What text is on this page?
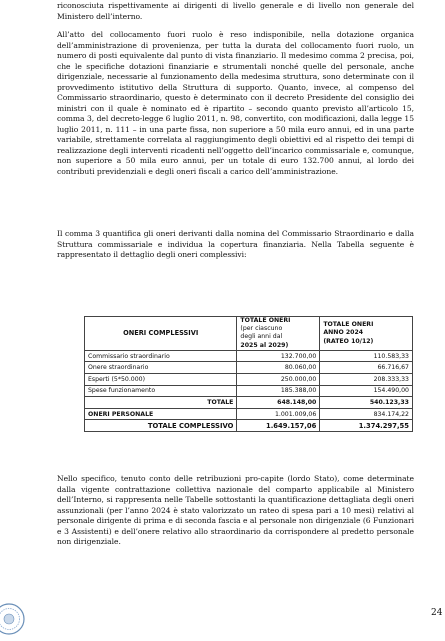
riconosciuta rispettivamente ai dirigenti di livello generale e di livello non generale del Ministero dell’interno.

All’atto del collocamento fuori ruolo è reso indisponibile, nella dotazione organica dell’amministrazione di provenienza, per tutta la durata del collocamento fuori ruolo, un numero di posti equivalente dal punto di vista finanziario. Il medesimo comma 2 precisa, poi, che le specifiche dotazioni finanziarie e strumentali nonché quelle del personale, anche dirigenziale, necessarie al funzionamento della medesima struttura, sono determinate con il provvedimento istitutivo della Struttura di supporto. Quanto, invece, al compenso del Commissario straordinario, questo è determinato con il decreto Presidente del consiglio dei ministri con il quale è nominato ed è ripartito – secondo quanto previsto all’articolo 15, comma 3, del decreto-legge 6 luglio 2011, n. 98, convertito, con modificazioni, dalla legge 15 luglio 2011, n. 111 – in una parte fissa, non superiore a 50 mila euro annui, ed in una parte variabile, strettamente correlata al raggiungimento degli obiettivi ed al rispetto dei tempi di realizzazione degli interventi ricadenti nell’oggetto dell’incarico commissariale e, comunque, non superiore a 50 mila euro annui, per un totale di euro 132.700 annui, al lordo dei contributi previdenziali e degli oneri fiscali a carico dell’amministrazione.

Il comma 3 quantifica gli oneri derivanti dalla nomina del Commissario Straordinario e dalla Struttura commissariale e individua la copertura finanziaria. Nella Tabella seguente è rappresentato il dettaglio degli oneri complessivi:

ONERI COMPLESSIVI	TOTALE ONERI
(per ciascuno
degli anni dal
2025 al 2029)	TOTALE ONERI
ANNO 2024
(RATEO 10/12)
Commissario straordinario	132.700,00	110.583,33
Onere straordinario	80.060,00	66.716,67
Esperti (5*50.000)	250.000,00	208.333,33
Spese funzionamento	185.388,00	154.490,00
TOTALE	648.148,00	540.123,33
ONERI PERSONALE	1.001.009,06	834.174,22
TOTALE COMPLESSIVO	1.649.157,06	1.374.297,55

Nello specifico, tenuto conto delle retribuzioni pro-capite (lordo Stato), come determinate dalla vigente contrattazione collettiva nazionale del comparto applicabile al Ministero dell’Interno, si rappresenta nelle Tabelle sottostanti la quantificazione dettagliata degli oneri assunzionali (per l’anno 2024 è stato valorizzato un rateo di spesa pari a 10 mesi) relativi al personale dirigente di prima e di seconda fascia e al personale non dirigenziale (6 Funzionari e 3 Assistenti) e dell’onere relativo allo straordinario da corrispondere al predetto personale non dirigenziale.

24
